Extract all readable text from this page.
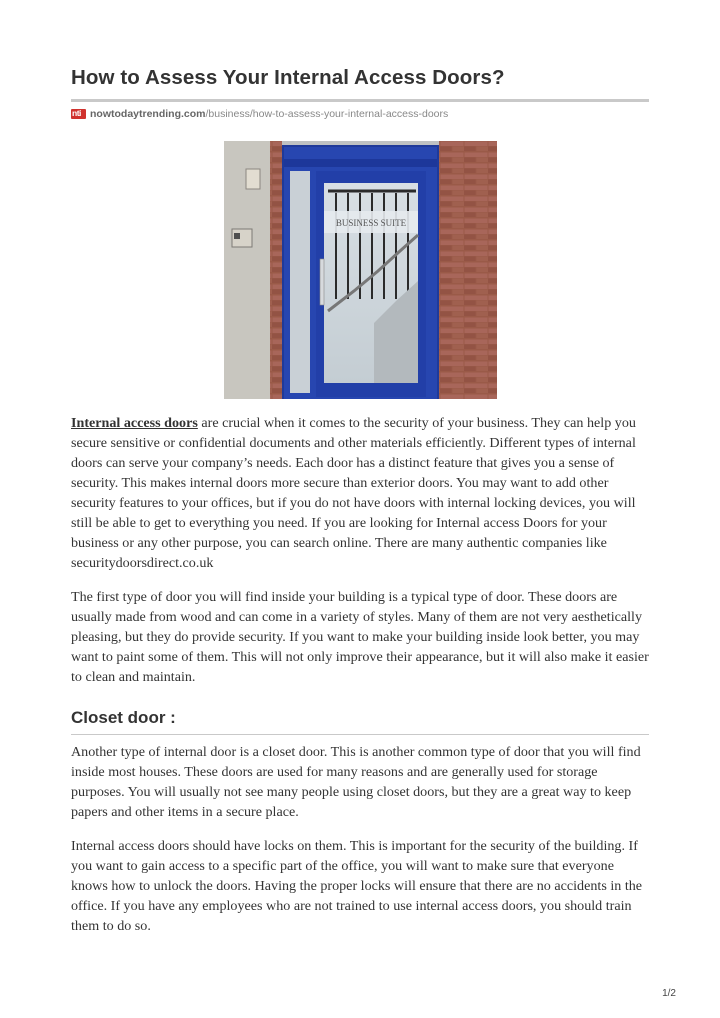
How to Assess Your Internal Access Doors?
nti nowtodaytrending.com /business/how-to-assess-your-internal-access-doors
BUSINESS SUITE

Internal access doors are crucial when it comes to the security of your business. They can help you secure sensitive or confidential documents and other materials efficiently. Different types of internal doors can serve your company’s needs. Each door has a distinct feature that gives you a sense of security. This makes internal doors more secure than exterior doors. You may want to add other security features to your offices, but if you do not have doors with internal locking devices, you will still be able to get to everything you need. If you are looking for Internal access Doors for your business or any other purpose, you can search online. There are many authentic companies like securitydoorsdirect.co.uk

The first type of door you will find inside your building is a typical type of door. These doors are usually made from wood and can come in a variety of styles. Many of them are not very aesthetically pleasing, but they do provide security. If you want to make your building inside look better, you may want to paint some of them. This will not only improve their appearance, but it will also make it easier to clean and maintain.

Closet door :

Another type of internal door is a closet door. This is another common type of door that you will find inside most houses. These doors are used for many reasons and are generally used for storage purposes. You will usually not see many people using closet doors, but they are a great way to keep papers and other items in a secure place.

Internal access doors should have locks on them. This is important for the security of the building. If you want to gain access to a specific part of the office, you will want to make sure that everyone knows how to unlock the doors. Having the proper locks will ensure that there are no accidents in the office. If you have any employees who are not trained to use internal access doors, you should train them to do so.

1/2
